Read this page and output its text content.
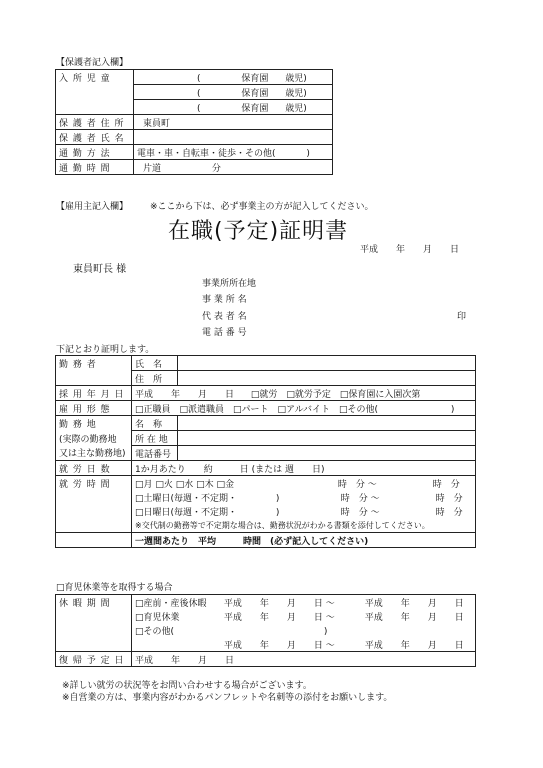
【保護者記入欄】
入 所 児 童	( 保育園 歳児)
	( 保育園 歳児)
	( 保育園 歳児)
保 護 者 住 所	東員町
保 護 者 氏 名	
通 勤 方 法	電車・車・自転車・徒歩・その他( )
通 勤 時 間	片道 分
【雇用主記入欄】 ※ここから下は、必ず事業主の方が記入してください。
在職(予定)証明書
平成　　年　　月　　日
東員町長 様
事業所所在地
事 業 所 名
代 表 者 名	印
電 話 番 号
下記とおり証明します。
勤 務 者	氏　名	
	住　所	
採 用 年 月 日	平成　　年　　月　　日 □就労　□就労予定　□保育園に入園次第	
雇 用 形 態	□正職員　□派遣職員　□パート　□アルバイト　□その他( )	
勤 務 地	名　称	
(実際の勤務地	所 在 地	
又は主な勤務地)	電話番号	
就 労 日 数	1か月あたり　　約　　　日 (または 週　　日)	
就 労 時 間	□月 □火 □水 □木 □金 時　分 〜 時　分	
	□土曜日(毎週・不定期・ ) 時　分 〜 時　分	
	□日曜日(毎週・不定期・ ) 時　分 〜 時　分	
	※交代制の勤務等で不定期な場合は、勤務状況がわかる書類を添付してください。	
	一週間あたり　平均　　　時間　(必ず記入してください)	
□育児休業等を取得する場合
休 暇 期 間	□産前・産後休暇 平成　　年　　月　　日 〜 平成　　年　　月　　日
	□育児休業 平成　　年　　月　　日 〜 平成　　年　　月　　日
	□その他( )
	平成　　年　　月　　日 〜 平成　　年　　月　　日
復 帰 予 定 日	平成　　年　　月　　日
※詳しい就労の状況等をお問い合わせする場合がございます。
※自営業の方は、事業内容がわかるパンフレットや名刺等の添付をお願いします。
